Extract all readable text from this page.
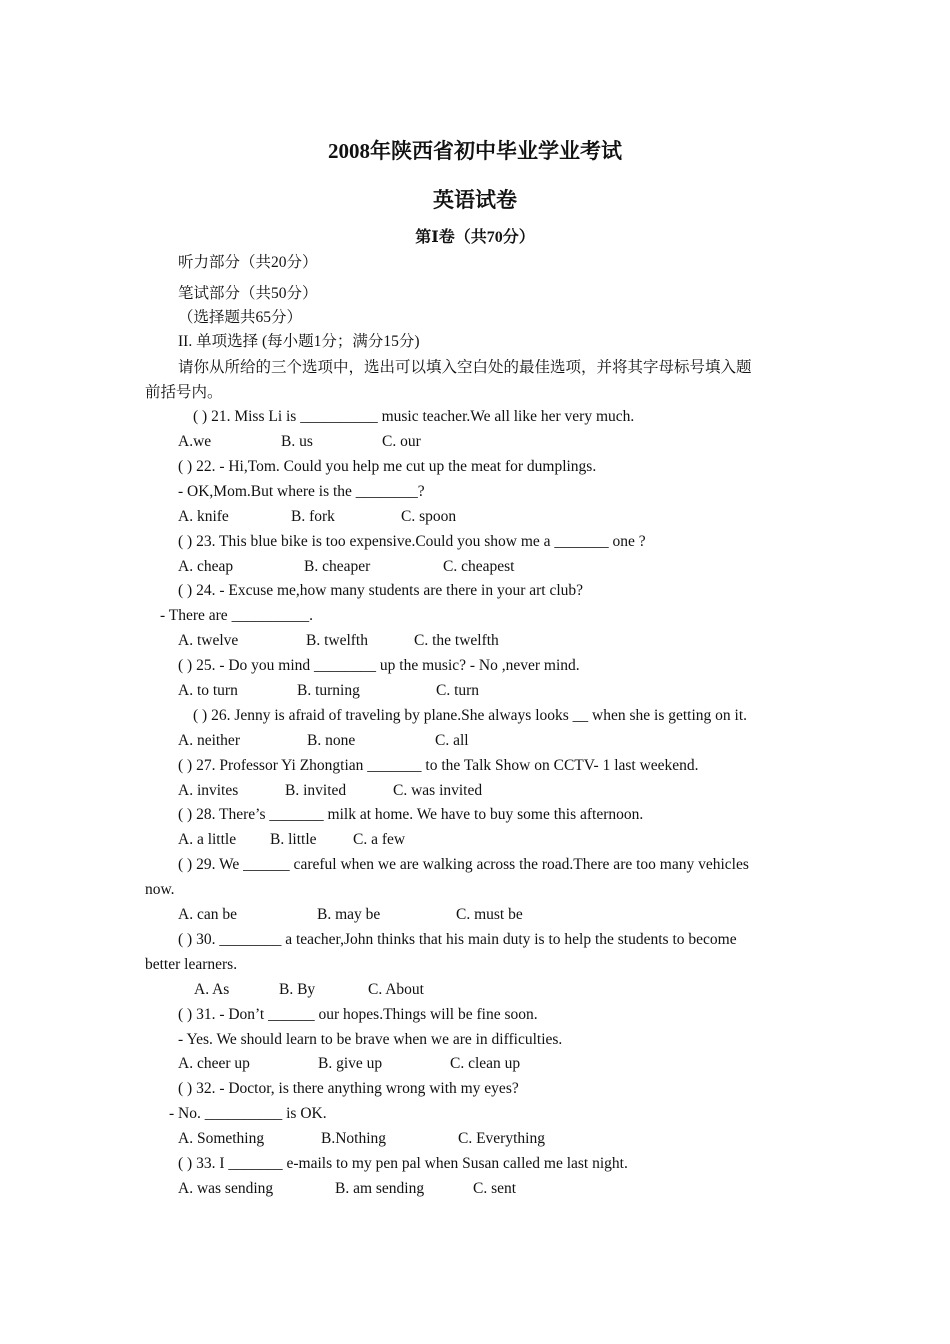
2008年陕西省初中毕业学业考试
英语试卷
第Ⅰ卷（共70分）
听力部分（共20分）
笔试部分（共50分）
（选择题共65分）
II. 单项选择 (每小题1分；满分15分)
请你从所给的三个选项中，选出可以填入空白处的最佳选项，并将其字母标号填入题
前括号内。
( ) 21. Miss Li is __________ music teacher.We all like her very much.
A.we	B. us	C. our
( ) 22. - Hi,Tom. Could you help me cut up the meat for dumplings.
- OK,Mom.But where is the ________?
A. knife	B. fork	C. spoon
( ) 23. This blue bike is too expensive.Could you show me a _______ one ?
A. cheap	B. cheaper	C. cheapest
( ) 24. - Excuse me,how many students are there in your art club?
- There are __________.
A. twelve	B. twelfth	C. the twelfth
( ) 25. - Do you mind ________ up the music? - No ,never mind.
A. to turn	B. turning	C. turn
( ) 26. Jenny is afraid of traveling by plane.She always looks __ when she is getting on it.
A. neither	B. none	C. all
( ) 27. Professor Yi Zhongtian _______ to the Talk Show on CCTV- 1 last weekend.
A. invites	B. invited	C. was invited
( ) 28. There’s _______ milk at home. We have to buy some this afternoon.
A. a little B. little C. a few
( ) 29. We ______ careful when we are walking across the road.There are too many vehicles
now.
A. can be	B. may be	C. must be
( ) 30. ________ a teacher,John thinks that his main duty is to help the students to become
better learners.
A. As	B. By	C. About
( ) 31. - Don’t ______ our hopes.Things will be fine soon.
- Yes. We should learn to be brave when we are in difficulties.
A. cheer up	B. give up	C. clean up
( ) 32. - Doctor, is there anything wrong with my eyes?
- No. __________ is OK.
A. Something	B.Nothing	C. Everything
( ) 33. I _______ e-mails to my pen pal when Susan called me last night.
A. was sending	B. am sending	C. sent
